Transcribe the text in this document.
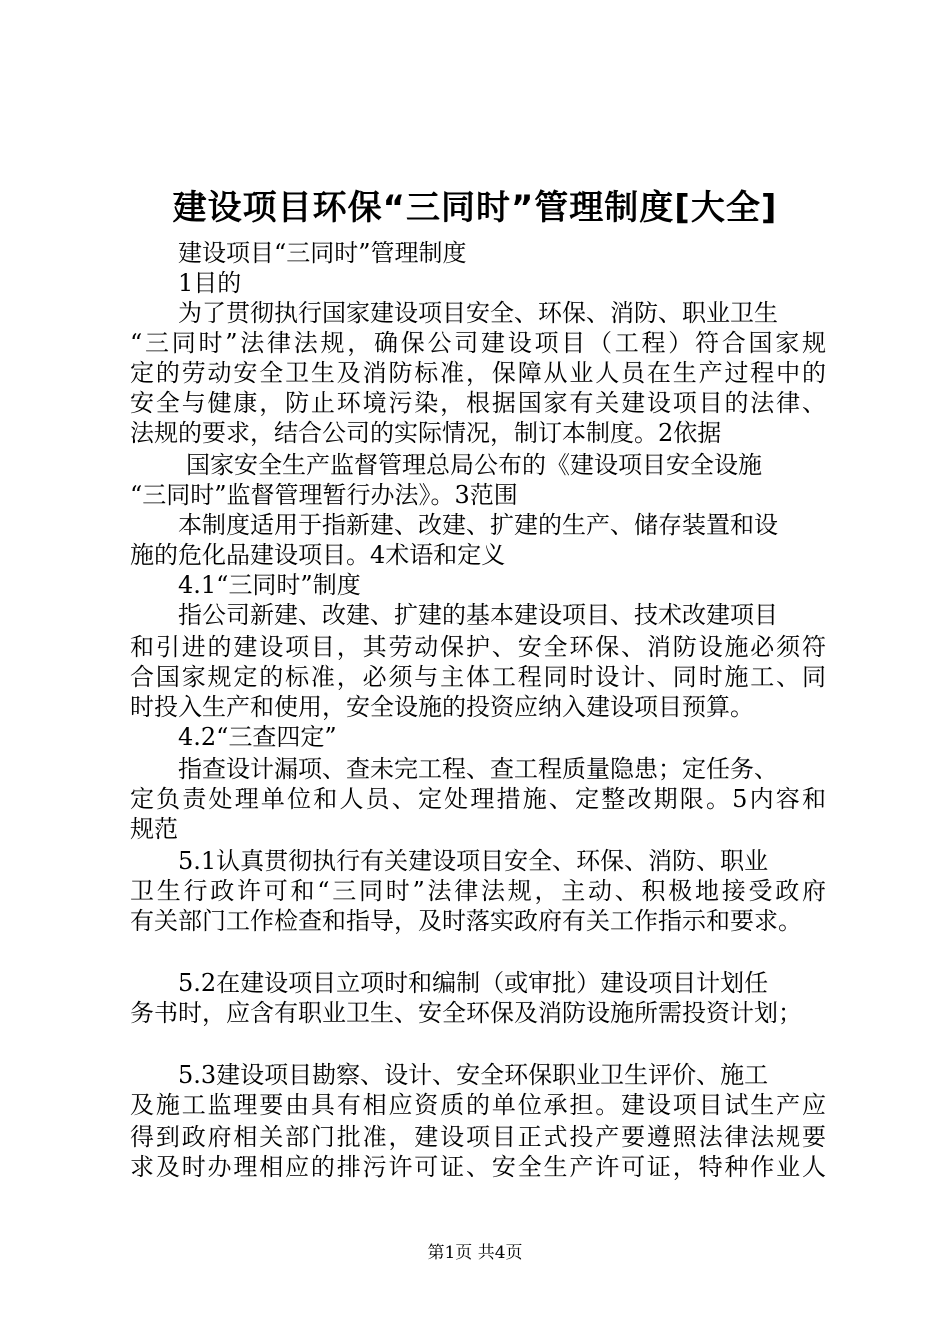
建设项目环保“三同时”管理制度[大全]
建设项目“三同时”管理制度
1目的
为了贯彻执行国家建设项目安全、环保、消防、职业卫生
“三同时”法律法规，确保公司建设项目（工程）符合国家规
定的劳动安全卫生及消防标准，保障从业人员在生产过程中的
安全与健康，防止环境污染，根据国家有关建设项目的法律、
法规的要求，结合公司的实际情况，制订本制度。2依据
国家安全生产监督管理总局公布的《建设项目安全设施
“三同时”监督管理暂行办法》。3范围
本制度适用于指新建、改建、扩建的生产、储存装置和设
施的危化品建设项目。4术语和定义
4.1“三同时”制度
指公司新建、改建、扩建的基本建设项目、技术改建项目
和引进的建设项目，其劳动保护、安全环保、消防设施必须符
合国家规定的标准，必须与主体工程同时设计、同时施工、同
时投入生产和使用，安全设施的投资应纳入建设项目预算。
4.2“三查四定”
指查设计漏项、查未完工程、查工程质量隐患；定任务、
定负责处理单位和人员、定处理措施、定整改期限。5内容和
规范
5.1认真贯彻执行有关建设项目安全、环保、消防、职业
卫生行政许可和“三同时”法律法规，主动、积极地接受政府
有关部门工作检查和指导，及时落实政府有关工作指示和要求。
5.2在建设项目立项时和编制（或审批）建设项目计划任
务书时，应含有职业卫生、安全环保及消防设施所需投资计划；
5.3建设项目勘察、设计、安全环保职业卫生评价、施工
及施工监理要由具有相应资质的单位承担。建设项目试生产应
得到政府相关部门批准，建设项目正式投产要遵照法律法规要
求及时办理相应的排污许可证、安全生产许可证，特种作业人
第1页 共4页
